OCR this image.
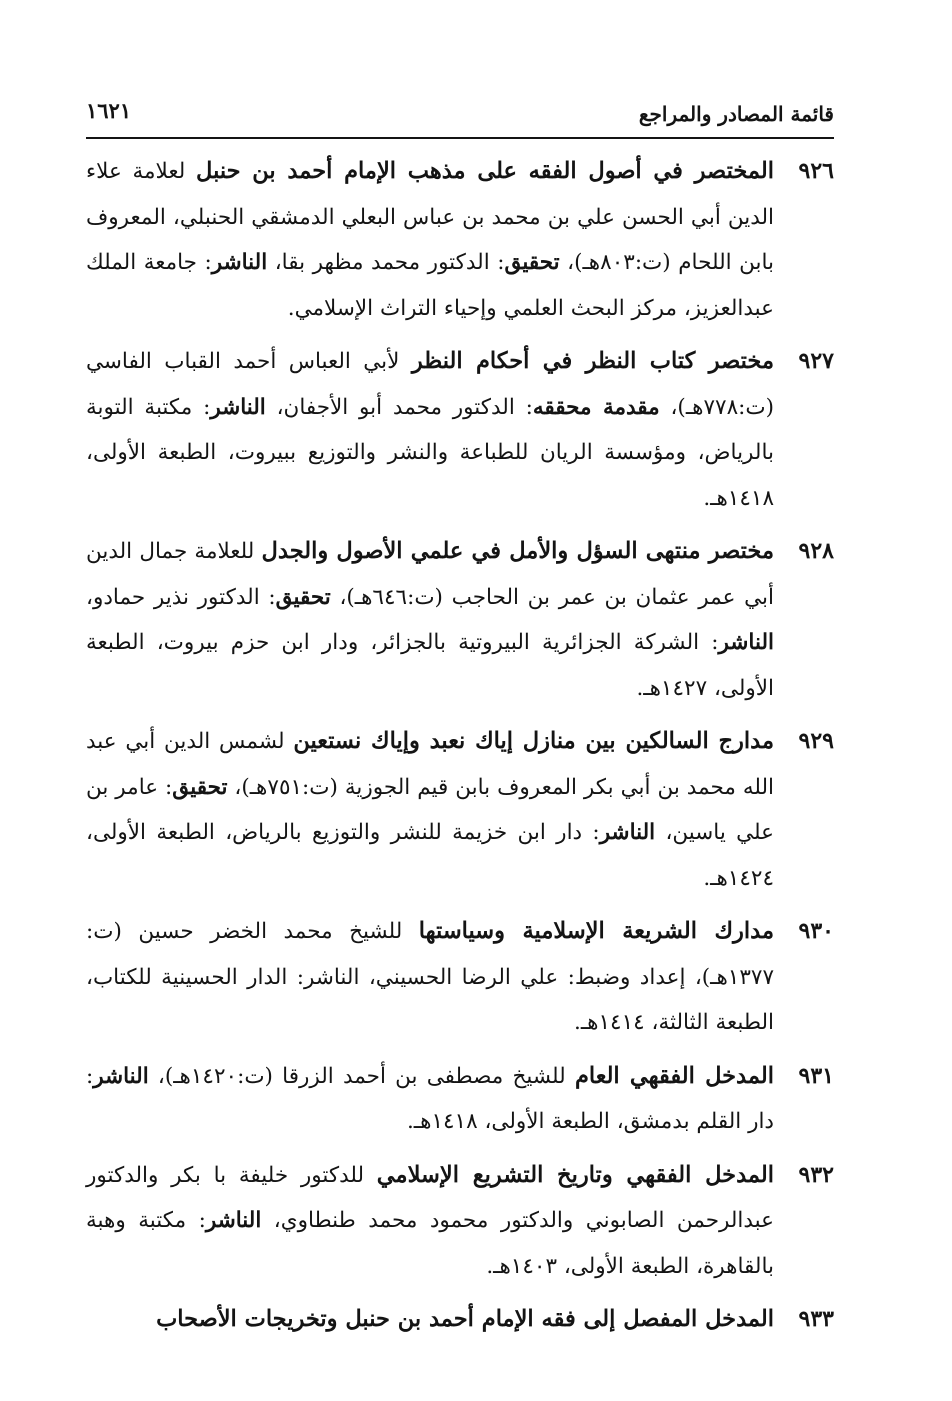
قائمة المصادر والمراجع
١٦٢١
٩٢٦
المختصر في أصول الفقه على مذهب الإمام أحمد بن حنبل لعلامة علاء الدين أبي الحسن علي بن محمد بن عباس البعلي الدمشقي الحنبلي، المعروف بابن اللحام (ت:٨٠٣هـ)، تحقيق: الدكتور محمد مظهر بقا، الناشر: جامعة الملك عبدالعزيز، مركز البحث العلمي وإحياء التراث الإسلامي.
٩٢٧
مختصر كتاب النظر في أحكام النظر لأبي العباس أحمد القباب الفاسي (ت:٧٧٨هـ)، مقدمة محققه: الدكتور محمد أبو الأجفان، الناشر: مكتبة التوبة بالرياض، ومؤسسة الريان للطباعة والنشر والتوزيع ببيروت، الطبعة الأولى، ١٤١٨هـ.
٩٢٨
مختصر منتهى السؤل والأمل في علمي الأصول والجدل للعلامة جمال الدين أبي عمر عثمان بن عمر بن الحاجب (ت:٦٤٦هـ)، تحقيق: الدكتور نذير حمادو، الناشر: الشركة الجزائرية البيروتية بالجزائر، ودار ابن حزم بيروت، الطبعة الأولى، ١٤٢٧هـ.
٩٢٩
مدارج السالكين بين منازل إياك نعبد وإياك نستعين لشمس الدين أبي عبد الله محمد بن أبي بكر المعروف بابن قيم الجوزية (ت:٧٥١هـ)، تحقيق: عامر بن علي ياسين، الناشر: دار ابن خزيمة للنشر والتوزيع بالرياض، الطبعة الأولى، ١٤٢٤هـ.
٩٣٠
مدارك الشريعة الإسلامية وسياستها للشيخ محمد الخضر حسين (ت: ١٣٧٧هـ)، إعداد وضبط: علي الرضا الحسيني، الناشر: الدار الحسينية للكتاب، الطبعة الثالثة، ١٤١٤هـ.
٩٣١
المدخل الفقهي العام للشيخ مصطفى بن أحمد الزرقا (ت:١٤٢٠هـ)، الناشر: دار القلم بدمشق، الطبعة الأولى، ١٤١٨هـ.
٩٣٢
المدخل الفقهي وتاريخ التشريع الإسلامي للدكتور خليفة با بكر والدكتور عبدالرحمن الصابوني والدكتور محمود محمد طنطاوي، الناشر: مكتبة وهبة بالقاهرة، الطبعة الأولى، ١٤٠٣هـ.
٩٣٣
المدخل المفصل إلى فقه الإمام أحمد بن حنبل وتخريجات الأصحاب
